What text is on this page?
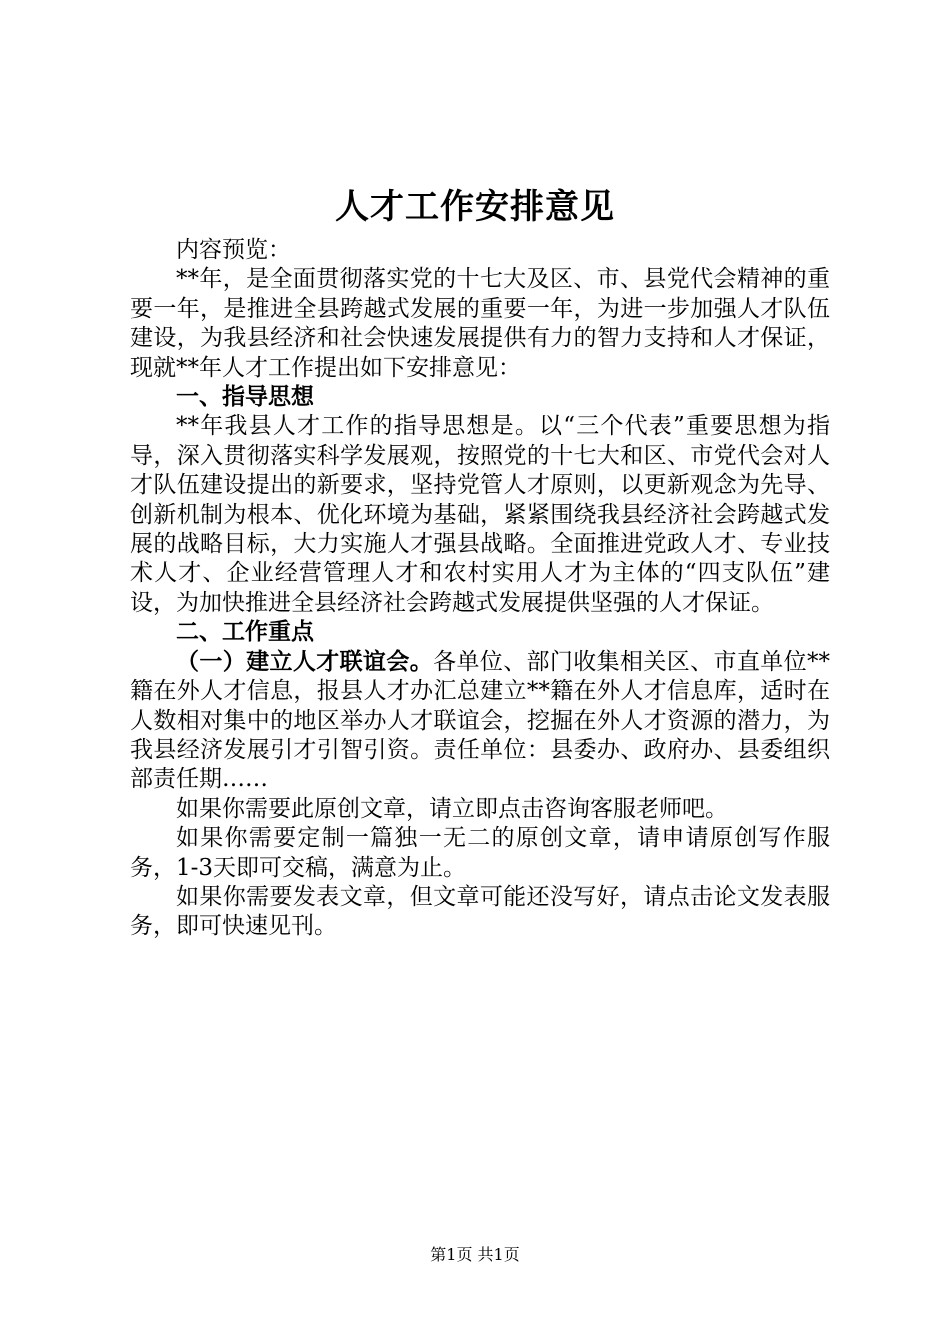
人才工作安排意见

内容预览：

**年，是全面贯彻落实党的十七大及区、市、县党代会精神的重要一年，是推进全县跨越式发展的重要一年，为进一步加强人才队伍建设，为我县经济和社会快速发展提供有力的智力支持和人才保证，现就**年人才工作提出如下安排意见：

一、指导思想

**年我县人才工作的指导思想是。以“三个代表”重要思想为指导，深入贯彻落实科学发展观，按照党的十七大和区、市党代会对人才队伍建设提出的新要求，坚持党管人才原则，以更新观念为先导、创新机制为根本、优化环境为基础，紧紧围绕我县经济社会跨越式发展的战略目标，大力实施人才强县战略。全面推进党政人才、专业技术人才、企业经营管理人才和农村实用人才为主体的“四支队伍”建设，为加快推进全县经济社会跨越式发展提供坚强的人才保证。

二、工作重点

（一）建立人才联谊会。各单位、部门收集相关区、市直单位**籍在外人才信息，报县人才办汇总建立**籍在外人才信息库，适时在人数相对集中的地区举办人才联谊会，挖掘在外人才资源的潜力，为我县经济发展引才引智引资。责任单位：县委办、政府办、县委组织部责任期……

如果你需要此原创文章，请立即点击咨询客服老师吧。

如果你需要定制一篇独一无二的原创文章，请申请原创写作服务，1-3天即可交稿，满意为止。

如果你需要发表文章，但文章可能还没写好，请点击论文发表服务，即可快速见刊。

第1页 共1页
